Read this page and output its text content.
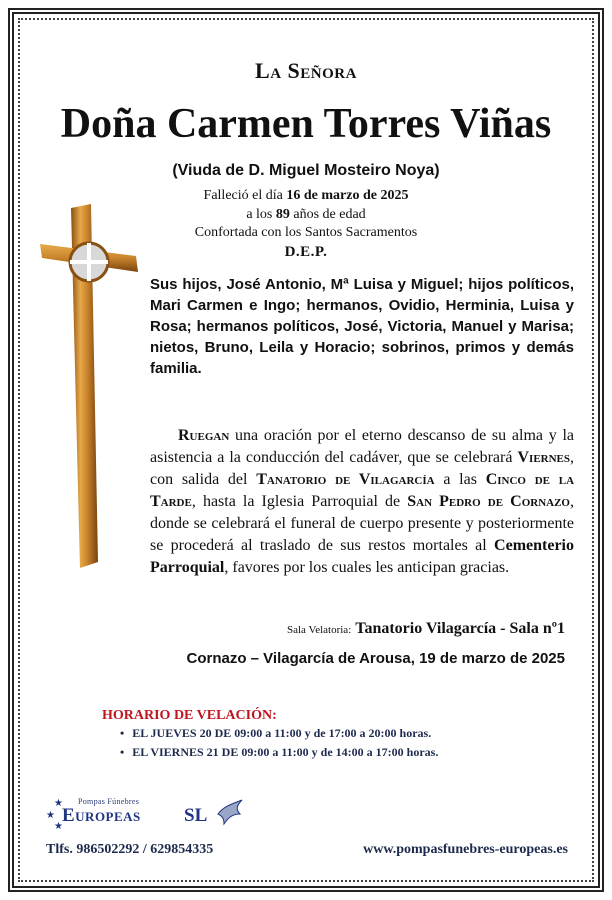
La Señora
Doña Carmen Torres Viñas
(Viuda de D. Miguel Mosteiro Noya)
Falleció el día 16 de marzo de 2025
a los 89 años de edad
Confortada con los Santos Sacramentos
D.E.P.
Sus hijos, José Antonio, Mª Luisa y Miguel; hijos políticos, Mari Carmen e Ingo; hermanos, Ovidio, Herminia, Luisa y Rosa; hermanos políticos, José, Victoria, Manuel y Marisa; nietos, Bruno, Leila y Horacio; sobrinos, primos y demás familia.
Ruegan una oración por el eterno descanso de su alma y la asistencia a la conducción del cadáver, que se celebrará Viernes, con salida del Tanatorio de Vilagarcía a las Cinco de la Tarde, hasta la Iglesia Parroquial de San Pedro de Cornazo, donde se celebrará el funeral de cuerpo presente y posteriormente se procederá al traslado de sus restos mortales al Cementerio Parroquial, favores por los cuales les anticipan gracias.
Sala Velatoria: Tanatorio Vilagarcía - Sala nº1
Cornazo – Vilagarcía de Arousa, 19 de marzo de 2025
HORARIO DE VELACIÓN:
• EL JUEVES 20 DE 09:00 a 11:00 y de 17:00 a 20:00 horas.
• EL VIERNES 21 DE 09:00 a 11:00 y de 14:00 a 17:00 horas.
★
★
★
Pompas Fúnebres
Europeas SL
Tlfs. 986502292 / 629854335	www.pompasfunebres-europeas.es
